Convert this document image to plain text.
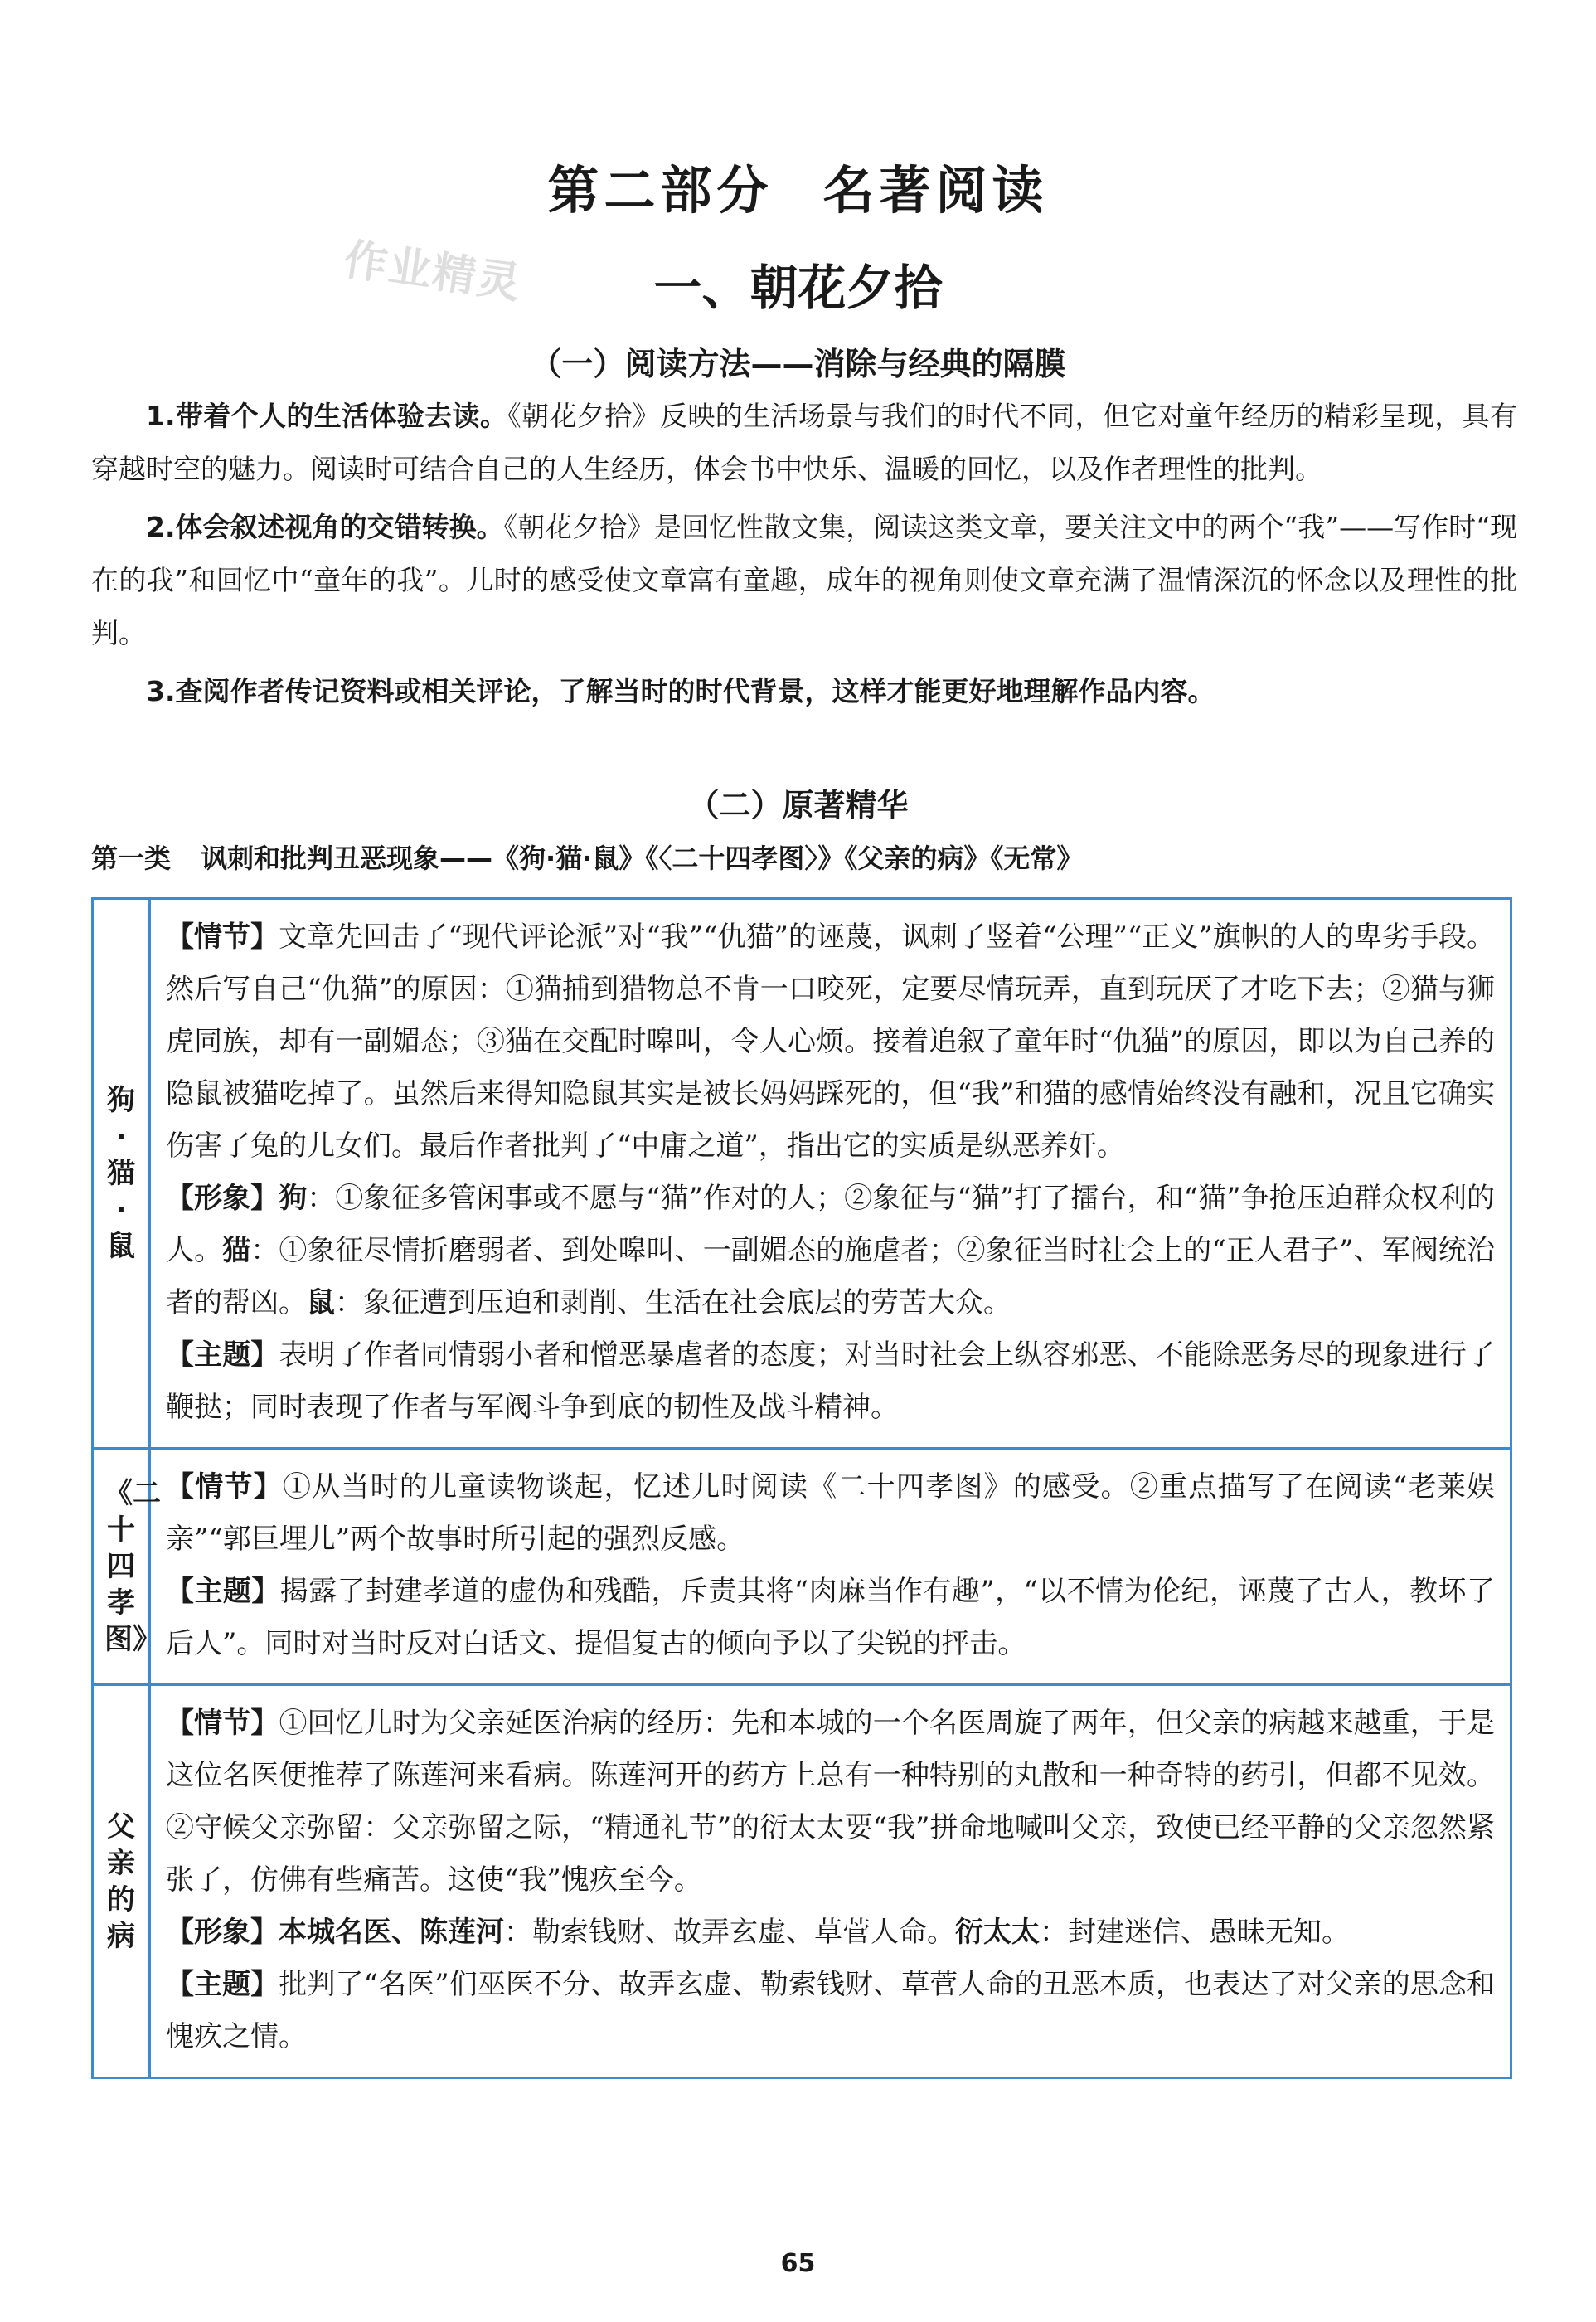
第二部分 名著阅读
作业精灵	一、朝花夕拾
（一）阅读方法——消除与经典的隔膜

1.带着个人的生活体验去读。《朝花夕拾》反映的生活场景与我们的时代不同，但它对童年经历的精彩呈现，具有穿越时空的魅力。阅读时可结合自己的人生经历，体会书中快乐、温暖的回忆，以及作者理性的批判。

2.体会叙述视角的交错转换。《朝花夕拾》是回忆性散文集，阅读这类文章，要关注文中的两个“我”——写作时“现在的我”和回忆中“童年的我”。儿时的感受使文章富有童趣，成年的视角则使文章充满了温情深沉的怀念以及理性的批判。

3.查阅作者传记资料或相关评论，了解当时的时代背景，这样才能更好地理解作品内容。

（二）原著精华
第一类 讽刺和批判丑恶现象——《狗·猫·鼠》《〈二十四孝图〉》《父亲的病》《无常》
狗·猫·鼠	【情节】文章先回击了“现代评论派”对“我”“仇猫”的诬蔑，讽刺了竖着“公理”“正义”旗帜的人的卑劣手段。然后写自己“仇猫”的原因：①猫捕到猎物总不肯一口咬死，定要尽情玩弄，直到玩厌了才吃下去；②猫与狮虎同族，却有一副媚态；③猫在交配时嗥叫，令人心烦。接着追叙了童年时“仇猫”的原因，即以为自己养的隐鼠被猫吃掉了。虽然后来得知隐鼠其实是被长妈妈踩死的，但“我”和猫的感情始终没有融和，况且它确实伤害了兔的儿女们。最后作者批判了“中庸之道”，指出它的实质是纵恶养奸。

【形象】狗：①象征多管闲事或不愿与“猫”作对的人；②象征与“猫”打了擂台，和“猫”争抢压迫群众权利的人。猫：①象征尽情折磨弱者、到处嗥叫、一副媚态的施虐者；②象征当时社会上的“正人君子”、军阀统治者的帮凶。鼠：象征遭到压迫和剥削、生活在社会底层的劳苦大众。

【主题】表明了作者同情弱小者和憎恶暴虐者的态度；对当时社会上纵容邪恶、不能除恶务尽的现象进行了鞭挞；同时表现了作者与军阀斗争到底的韧性及战斗精神。

《二十四孝图》	【情节】①从当时的儿童读物谈起，忆述儿时阅读《二十四孝图》的感受。②重点描写了在阅读“老莱娱亲”“郭巨埋儿”两个故事时所引起的强烈反感。

【主题】揭露了封建孝道的虚伪和残酷，斥责其将“肉麻当作有趣”，“以不情为伦纪，诬蔑了古人，教坏了后人”。同时对当时反对白话文、提倡复古的倾向予以了尖锐的抨击。

父亲的病	【情节】①回忆儿时为父亲延医治病的经历：先和本城的一个名医周旋了两年，但父亲的病越来越重，于是这位名医便推荐了陈莲河来看病。陈莲河开的药方上总有一种特别的丸散和一种奇特的药引，但都不见效。②守候父亲弥留：父亲弥留之际，“精通礼节”的衍太太要“我”拼命地喊叫父亲，致使已经平静的父亲忽然紧张了，仿佛有些痛苦。这使“我”愧疚至今。

【形象】本城名医、陈莲河：勒索钱财、故弄玄虚、草菅人命。衍太太：封建迷信、愚昧无知。

【主题】批判了“名医”们巫医不分、故弄玄虚、勒索钱财、草菅人命的丑恶本质，也表达了对父亲的思念和愧疚之情。

65
